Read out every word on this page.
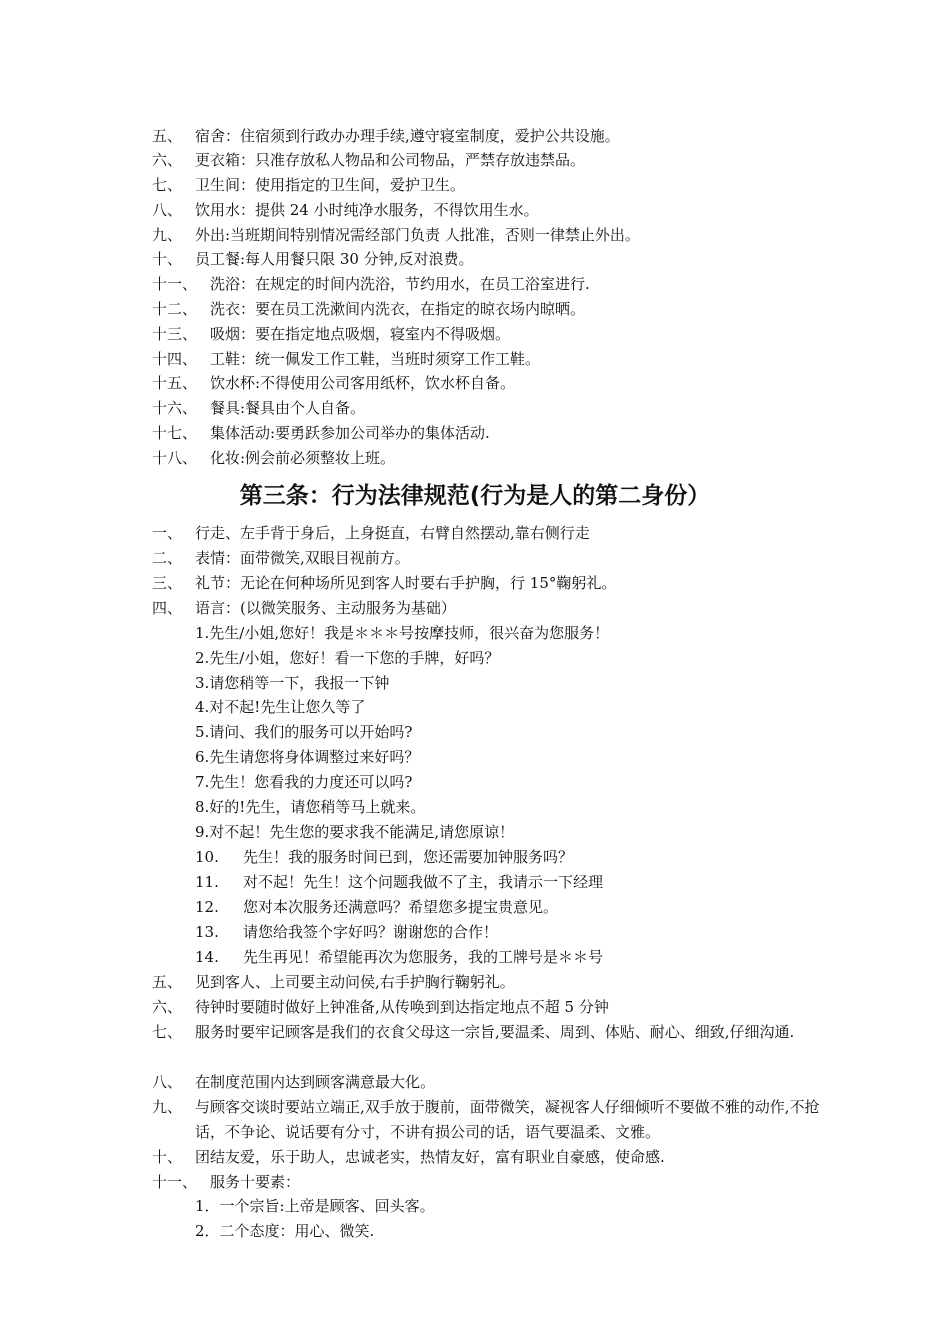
五、 宿舍：住宿须到行政办办理手续,遵守寝室制度，爱护公共设施。
六、 更衣箱：只准存放私人物品和公司物品，严禁存放违禁品。
七、 卫生间：使用指定的卫生间，爱护卫生。
八、 饮用水：提供 24 小时纯净水服务，不得饮用生水。
九、 外出:当班期间特别情况需经部门负责 人批准，否则一律禁止外出。
十、 员工餐:每人用餐只限 30 分钟,反对浪费。
十一、 洗浴：在规定的时间内洗浴，节约用水，在员工浴室进行.
十二、 洗衣：要在员工洗漱间内洗衣，在指定的晾衣场内晾晒。
十三、 吸烟：要在指定地点吸烟，寝室内不得吸烟。
十四、 工鞋：统一佩发工作工鞋，当班时须穿工作工鞋。
十五、 饮水杯:不得使用公司客用纸杯，饮水杯自备。
十六、 餐具:餐具由个人自备。
十七、 集体活动:要勇跃参加公司举办的集体活动.
十八、 化妆:例会前必须整妆上班。
第三条：行为法律规范(行为是人的第二身份）
一、 行走、左手背于身后，上身挺直，右臂自然摆动,靠右侧行走
二、 表情：面带微笑,双眼目视前方。
三、 礼节：无论在何种场所见到客人时要右手护胸，行 15°鞠躬礼。
四、 语言：(以微笑服务、主动服务为基础）
1.先生/小姐,您好！我是＊＊＊号按摩技师，很兴奋为您服务！
2.先生/小姐，您好！看一下您的手牌，好吗？
3.请您稍等一下，我报一下钟
4.对不起!先生让您久等了
5.请问、我们的服务可以开始吗?
6.先生请您将身体调整过来好吗？
7.先生！您看我的力度还可以吗?
8.好的!先生，请您稍等马上就来。
9.对不起！先生您的要求我不能满足,请您原谅！
10. 先生！我的服务时间已到，您还需要加钟服务吗？
11. 对不起！先生！这个问题我做不了主，我请示一下经理
12. 您对本次服务还满意吗？希望您多提宝贵意见。
13. 请您给我签个字好吗？谢谢您的合作！
14. 先生再见！希望能再次为您服务，我的工牌号是＊＊号
五、 见到客人、上司要主动问侯,右手护胸行鞠躬礼。
六、 待钟时要随时做好上钟准备,从传唤到到达指定地点不超 5 分钟
七、 服务时要牢记顾客是我们的衣食父母这一宗旨,要温柔、周到、体贴、耐心、细致,仔细沟通.
八、 在制度范围内达到顾客满意最大化。
九、 与顾客交谈时要站立端正,双手放于腹前，面带微笑，凝视客人仔细倾听不要做不雅的动作,不抢话，不争论、说话要有分寸，不讲有损公司的话，语气要温柔、文雅。
十、 团结友爱，乐于助人，忠诚老实，热情友好，富有职业自豪感，使命感.
十一、 服务十要素：
1．一个宗旨:上帝是顾客、回头客。
2．二个态度：用心、微笑.
